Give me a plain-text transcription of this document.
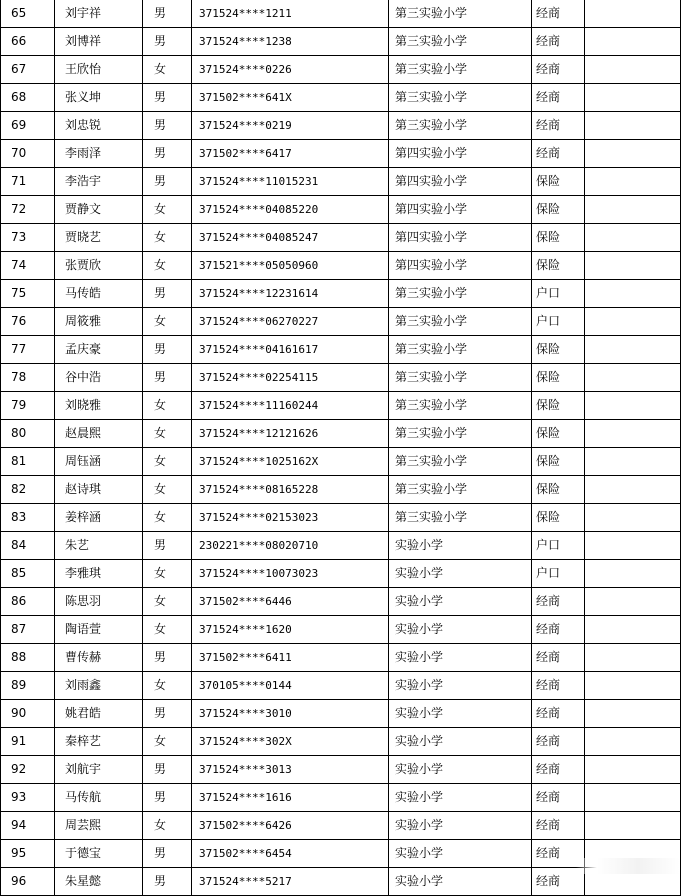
65	刘宇祥	男	371524****1211	第三实验小学	经商	
66	刘博祥	男	371524****1238	第三实验小学	经商	
67	王欣怡	女	371524****0226	第三实验小学	经商	
68	张义坤	男	371502****641X	第三实验小学	经商	
69	刘忠锐	男	371524****0219	第三实验小学	经商	
70	李雨泽	男	371502****6417	第四实验小学	经商	
71	李浩宇	男	371524****11015231	第四实验小学	保险	
72	贾静文	女	371524****04085220	第四实验小学	保险	
73	贾晓艺	女	371524****04085247	第四实验小学	保险	
74	张贾欣	女	371521****05050960	第四实验小学	保险	
75	马传皓	男	371524****12231614	第三实验小学	户口	
76	周筱雅	女	371524****06270227	第三实验小学	户口	
77	孟庆豪	男	371524****04161617	第三实验小学	保险	
78	谷中浩	男	371524****02254115	第三实验小学	保险	
79	刘晓雅	女	371524****11160244	第三实验小学	保险	
80	赵晨熙	女	371524****12121626	第三实验小学	保险	
81	周钰涵	女	371524****1025162X	第三实验小学	保险	
82	赵诗琪	女	371524****08165228	第三实验小学	保险	
83	姜梓涵	女	371524****02153023	第三实验小学	保险	
84	朱艺	男	230221****08020710	实验小学	户口	
85	李雅琪	女	371524****10073023	实验小学	户口	
86	陈思羽	女	371502****6446	实验小学	经商	
87	陶语萱	女	371524****1620	实验小学	经商	
88	曹传赫	男	371502****6411	实验小学	经商	
89	刘雨鑫	女	370105****0144	实验小学	经商	
90	姚君皓	男	371524****3010	实验小学	经商	
91	秦梓艺	女	371524****302X	实验小学	经商	
92	刘航宇	男	371524****3013	实验小学	经商	
93	马传航	男	371524****1616	实验小学	经商	
94	周芸熙	女	371502****6426	实验小学	经商	
95	于德宝	男	371502****6454	实验小学	经商	
96	朱星懿	男	371524****5217	实验小学	经商	
